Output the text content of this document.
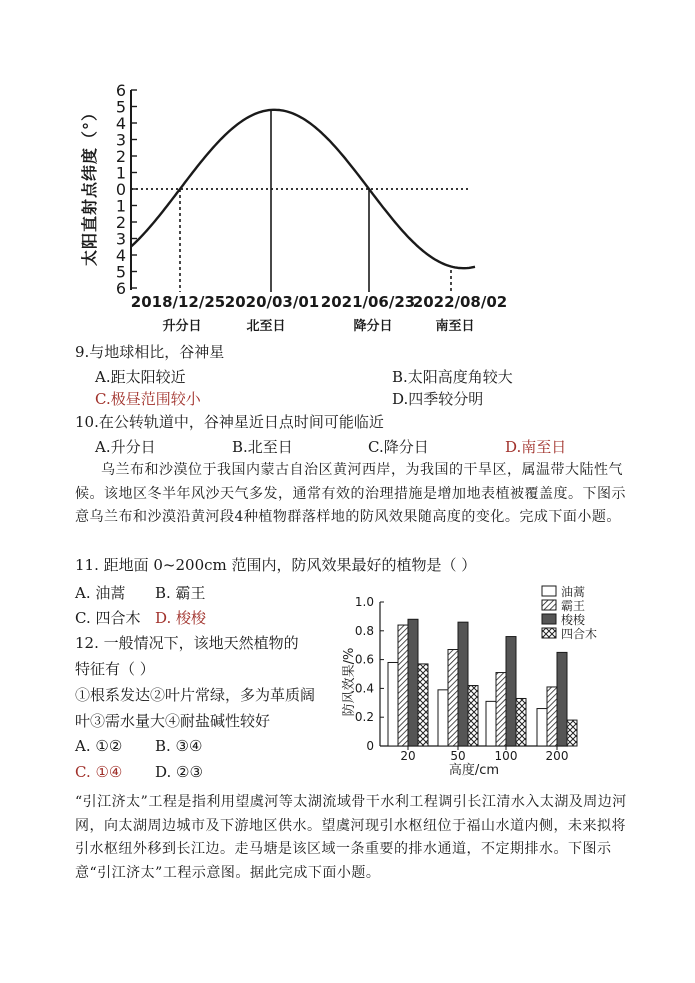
太阳直射点纬度（°）
6
5
4
3
2
1
0
1
2
3
4
5
6
2018/12/25 2020/03/01 2021/06/23
2022/08/02
升分日	北至日	降分日	南至日
9.与地球相比，谷神星
A.距太阳较近	B.太阳高度角较大
C.极昼范围较小	D.四季较分明
10.在公转轨道中，谷神星近日点时间可能临近
A.升分日	B.北至日	C.降分日	D.南至日
乌兰布和沙漠位于我国内蒙古自治区黄河西岸，为我国的干旱区，属温带大陆性气候。该地区冬半年风沙天气多发，通常有效的治理措施是增加地表植被覆盖度。下图示意乌兰布和沙漠沿黄河段4种植物群落样地的防风效果随高度的变化。完成下面小题。
11. 距地面 0~200cm 范围内，防风效果最好的植物是（ ）
A. 油蒿 B. 霸王
C. 四合木 D. 梭梭
12. 一般情况下，该地天然植物的
特征有（ ）
①根系发达②叶片常绿，多为革质阔
叶③需水量大④耐盐碱性较好
A. ①② B. ③④
C. ①④ D. ②③
防风效果/%
0
0.2
0.4
0.6
0.8
1.0
20	50 100 200
高度/cm
油蒿
霸王
梭梭
四合木
“引江济太”工程是指利用望虞河等太湖流域骨干水利工程调引长江清水入太湖及周边河网，向太湖周边城市及下游地区供水。望虞河现引水枢纽位于福山水道内侧，未来拟将引水枢纽外移到长江边。走马塘是该区域一条重要的排水通道，不定期排水。下图示意“引江济太”工程示意图。据此完成下面小题。
